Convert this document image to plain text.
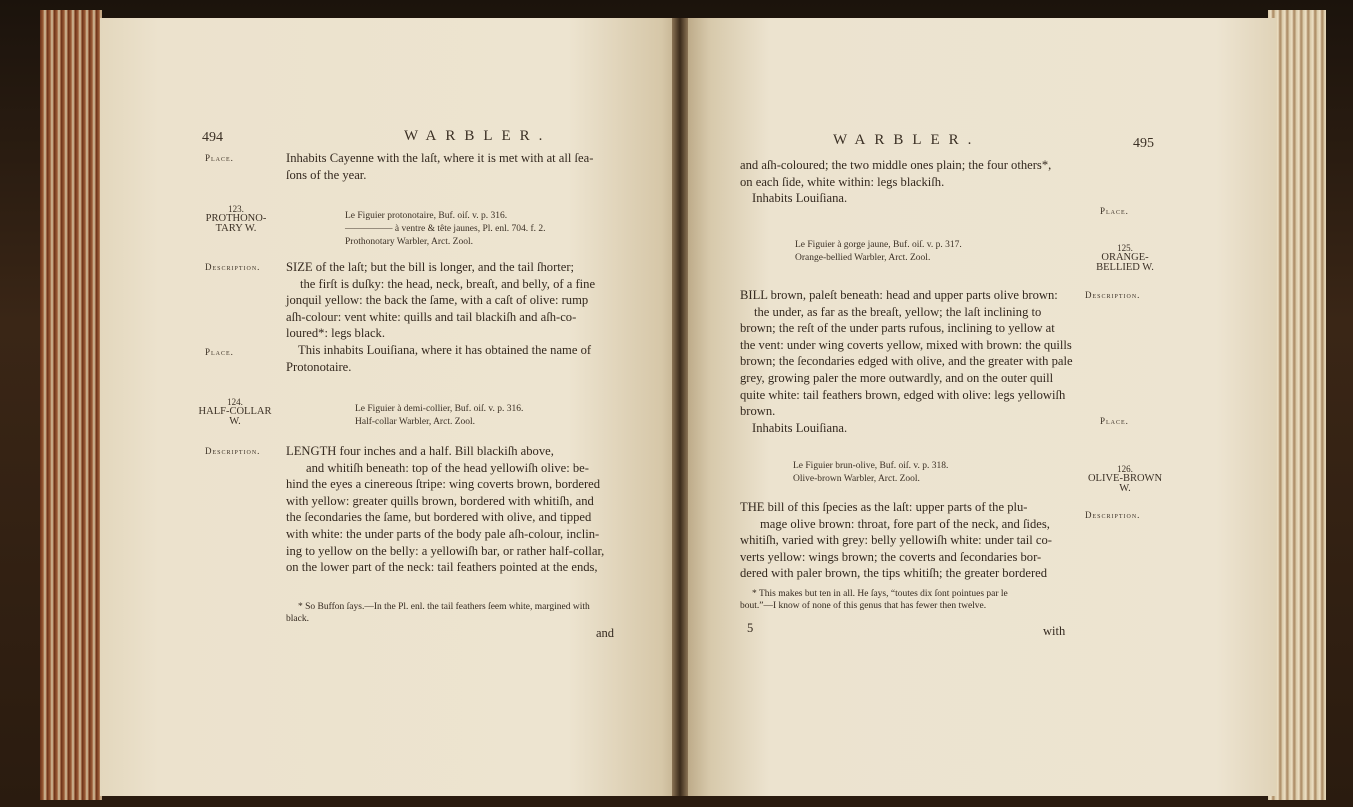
494	WARBLER.
Place.	Inhabits Cayenne with the laſt, where it is met with at all ſea-
ſons of the year.
123.
PROTHONO-
TARY W.
Le Figuier protonotaire, Buf. oiſ. v. p. 316.
————— à ventre & tête jaunes, Pl. enl. 704. f. 2.
Prothonotary Warbler, Arct. Zool.
Description. SIZE of the laſt; but the bill is longer, and the tail ſhorter;
the firſt is duſky: the head, neck, breaſt, and belly, of a fine
jonquil yellow: the back the ſame, with a caſt of olive: rump
aſh-colour: vent white: quills and tail blackiſh and aſh-co-
loured*: legs black.
Place.	This inhabits Louiſiana, where it has obtained the name of
Protonotaire.
124.
HALF-COLLAR
W.
Le Figuier à demi-collier, Buf. oiſ. v. p. 316.
Half-collar Warbler, Arct. Zool.
Description. LENGTH four inches and a half. Bill blackiſh above,
and whitiſh beneath: top of the head yellowiſh olive: be-
hind the eyes a cinereous ſtripe: wing coverts brown, bordered
with yellow: greater quills brown, bordered with whitiſh, and
the ſecondaries the ſame, but bordered with olive, and tipped
with white: the under parts of the body pale aſh-colour, inclin-
ing to yellow on the belly: a yellowiſh bar, or rather half-collar,
on the lower part of the neck: tail feathers pointed at the ends,
* So Buffon ſays.—In the Pl. enl. the tail feathers ſeem white, margined with
black.
and
WARBLER.	495
and aſh-coloured; the two middle ones plain; the four others*,
on each ſide, white within: legs blackiſh.
Inhabits Louiſiana.
Place.
Le Figuier à gorge jaune, Buf. oiſ. v. p. 317.
Orange-bellied Warbler, Arct. Zool.
125.
ORANGE-
BELLIED W.
Description.
BILL brown, paleſt beneath: head and upper parts olive brown:
the under, as far as the breaſt, yellow; the laſt inclining to
brown; the reſt of the under parts rufous, inclining to yellow at
the vent: under wing coverts yellow, mixed with brown: the quills
brown; the ſecondaries edged with olive, and the greater with pale
grey, growing paler the more outwardly, and on the outer quill
quite white: tail feathers brown, edged with olive: legs yellowiſh
brown.
Inhabits Louiſiana.	Place.
Le Figuier brun-olive, Buf. oiſ. v. p. 318.
Olive-brown Warbler, Arct. Zool.
126.
OLIVE-BROWN
W.
Description.
THE bill of this ſpecies as the laſt: upper parts of the plu-
mage olive brown: throat, fore part of the neck, and ſides,
whitiſh, varied with grey: belly yellowiſh white: under tail co-
verts yellow: wings brown; the coverts and ſecondaries bor-
dered with paler brown, the tips whitiſh; the greater bordered
* This makes but ten in all. He ſays, “toutes dix ſont pointues par le
bout.”—I know of none of this genus that has fewer then twelve.
5	with
